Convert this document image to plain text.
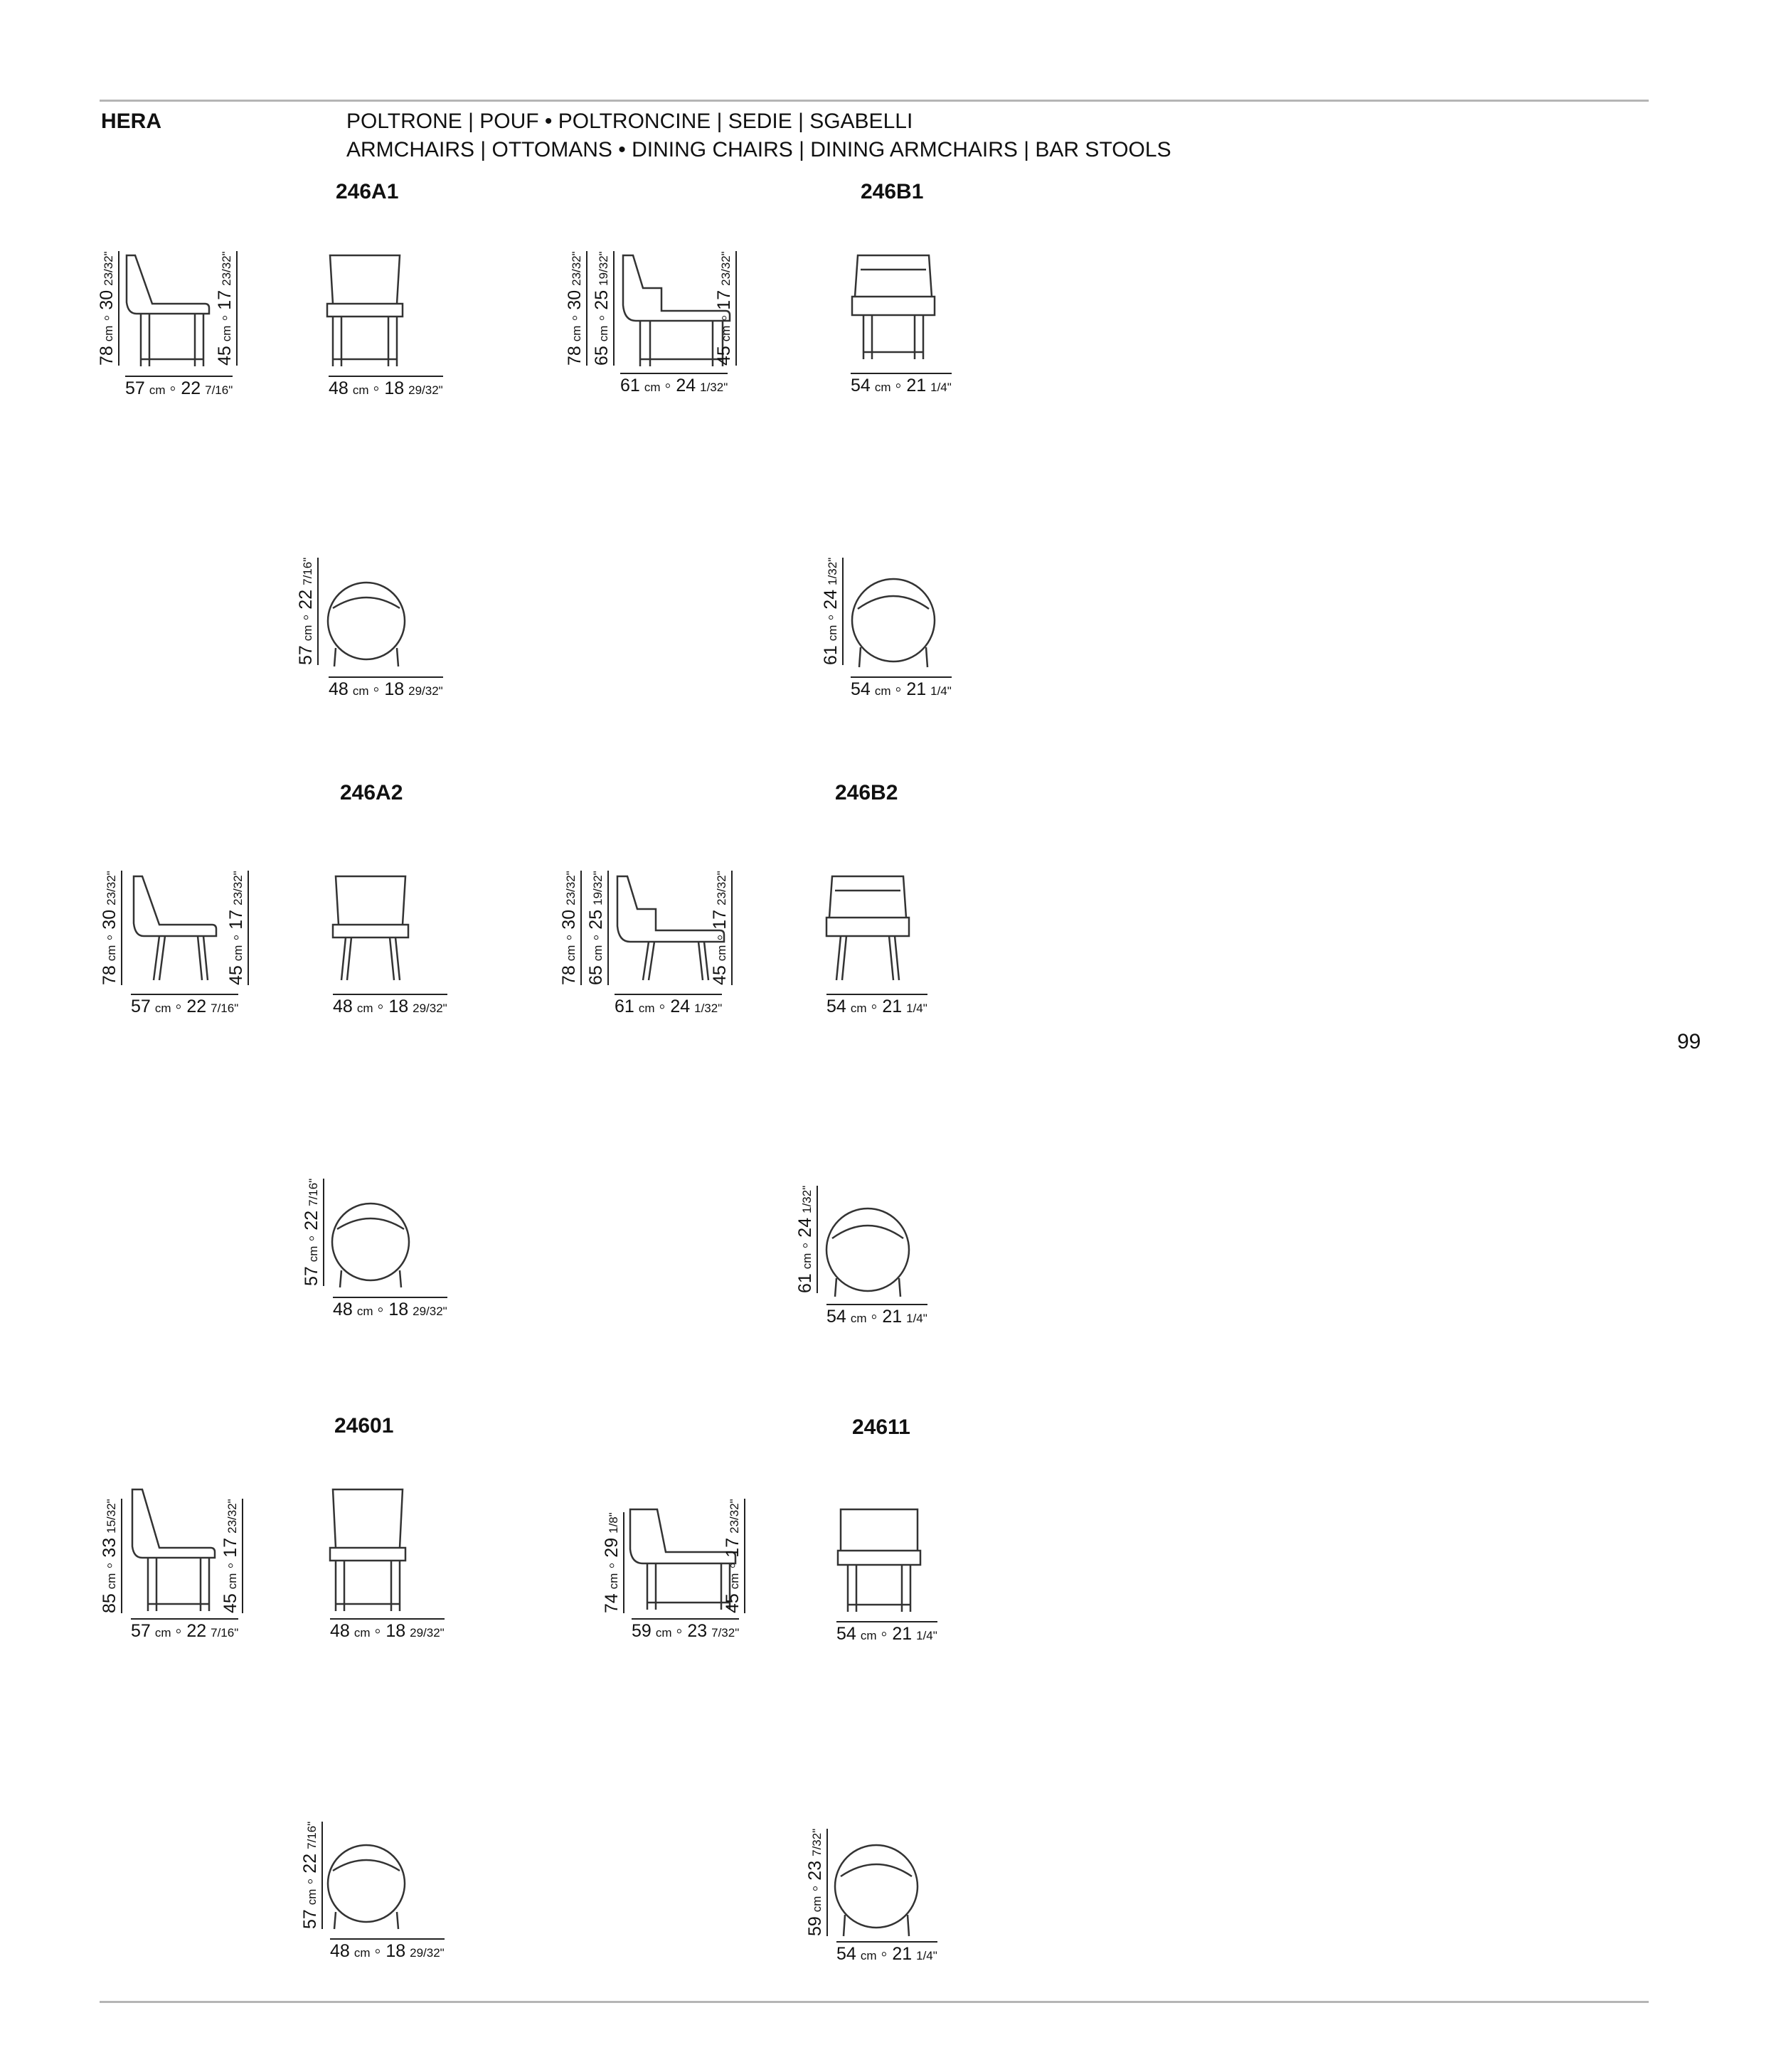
HERA	POLTRONE | POUF • POLTRONCINE | SEDIE | SGABELLI
ARMCHAIRS | OTTOMANS • DINING CHAIRS | DINING ARMCHAIRS | BAR STOOLS
99
246A1	246B1
246A2	246B2
24601	24611
78cm◦ 3023/32"
45cm◦ 1723/32"
57 cm ◦ 22 7/16"	48 cm ◦ 18 29/32"
78cm◦ 3023/32"
65cm◦ 2519/32"
45cm◦ 1723/32"
61 cm ◦ 24 1/32"	54 cm ◦ 21 1/4"
57cm◦ 227/16"
48 cm ◦ 18 29/32"
61cm◦ 241/32"
54 cm ◦ 21 1/4"
78cm◦ 3023/32"
45cm◦ 1723/32"
57 cm ◦ 22 7/16"	48 cm ◦ 18 29/32"
78cm◦ 3023/32"
65cm◦ 2519/32"
45cm◦ 1723/32"
61 cm ◦ 24 1/32"	54 cm ◦ 21 1/4"
57cm◦ 227/16"
48 cm ◦ 18 29/32"
61cm◦ 241/32"
54 cm ◦ 21 1/4"
85cm◦ 3315/32"
45cm◦ 1723/32"
57 cm ◦ 22 7/16"	48 cm ◦ 18 29/32"
74cm◦ 291/8"
45cm◦ 1723/32"
59 cm ◦ 23 7/32"	54 cm ◦ 21 1/4"
57cm◦ 227/16"
48 cm ◦ 18 29/32"
59cm◦ 237/32"
54 cm ◦ 21 1/4"
